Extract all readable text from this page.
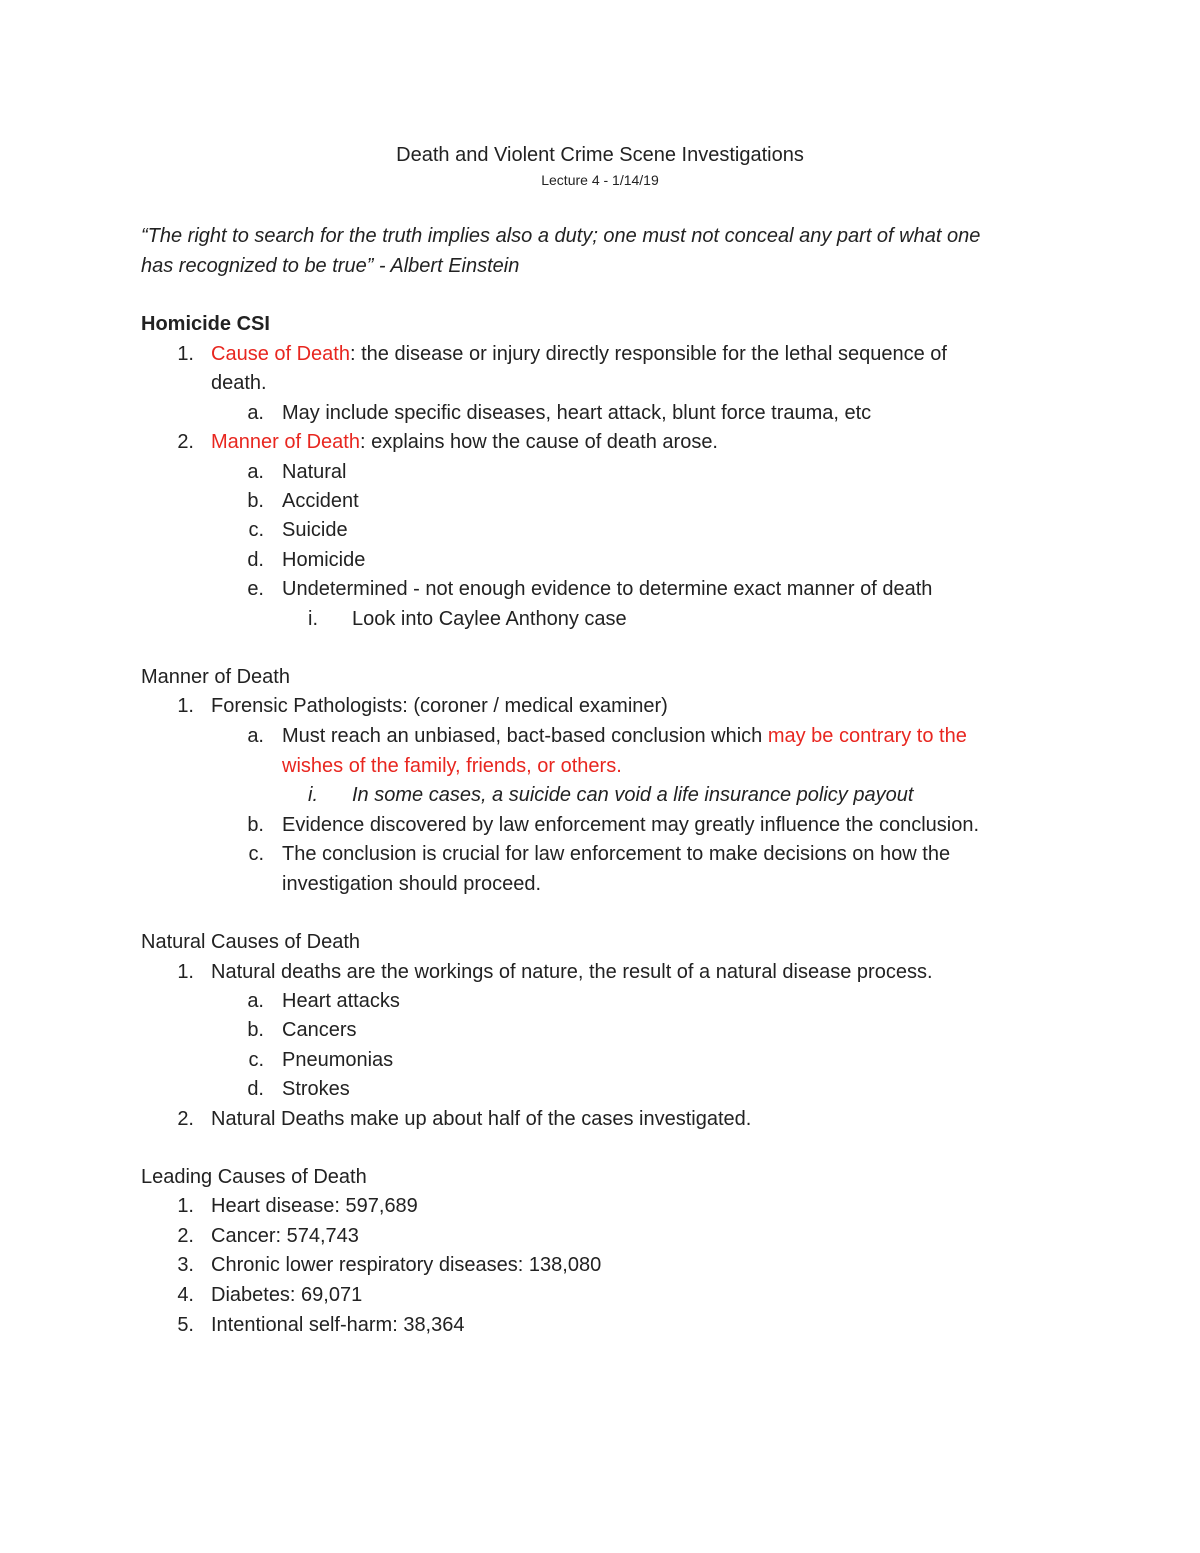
Death and Violent Crime Scene Investigations
Lecture 4 - 1/14/19
“The right to search for the truth implies also a duty; one must not conceal any part of what one
has recognized to be true” - Albert Einstein
Homicide CSI
1. Cause of Death: the disease or injury directly responsible for the lethal sequence of
death.
a. May include specific diseases, heart attack, blunt force trauma, etc
2. Manner of Death: explains how the cause of death arose.
a. Natural
b. Accident
c. Suicide
d. Homicide
e. Undetermined - not enough evidence to determine exact manner of death
i. Look into Caylee Anthony case
Manner of Death
1. Forensic Pathologists: (coroner / medical examiner)
a. Must reach an unbiased, bact-based conclusion which may be contrary to the
wishes of the family, friends, or others.
i. In some cases, a suicide can void a life insurance policy payout
b. Evidence discovered by law enforcement may greatly influence the conclusion.
c. The conclusion is crucial for law enforcement to make decisions on how the
investigation should proceed.
Natural Causes of Death
1. Natural deaths are the workings of nature, the result of a natural disease process.
a. Heart attacks
b. Cancers
c. Pneumonias
d. Strokes
2. Natural Deaths make up about half of the cases investigated.
Leading Causes of Death
1. Heart disease: 597,689
2. Cancer: 574,743
3. Chronic lower respiratory diseases: 138,080
4. Diabetes: 69,071
5. Intentional self-harm: 38,364
